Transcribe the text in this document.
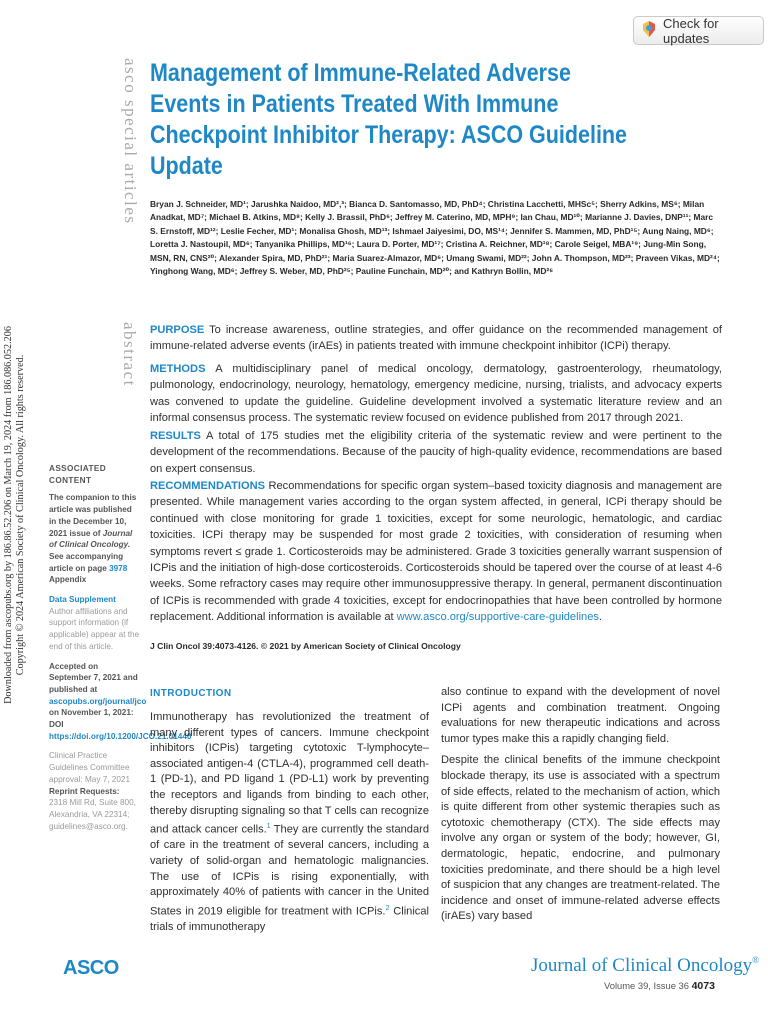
Check for updates
Downloaded from ascopubs.org by 186.86.52.206 on March 19, 2024 from 186.086.052.206 Copyright © 2024 American Society of Clinical Oncology. All rights reserved.
asco special articles
abstract
Management of Immune-Related Adverse Events in Patients Treated With Immune Checkpoint Inhibitor Therapy: ASCO Guideline Update
Bryan J. Schneider, MD¹; Jarushka Naidoo, MD²,³; Bianca D. Santomasso, MD, PhD⁴; Christina Lacchetti, MHSc⁵; Sherry Adkins, MS⁶; Milan Anadkat, MD⁷; Michael B. Atkins, MD⁸; Kelly J. Brassil, PhD⁶; Jeffrey M. Caterino, MD, MPH⁹; Ian Chau, MD¹⁰; Marianne J. Davies, DNP¹¹; Marc S. Ernstoff, MD¹²; Leslie Fecher, MD¹; Monalisa Ghosh, MD¹³; Ishmael Jaiyesimi, DO, MS¹⁴; Jennifer S. Mammen, MD, PhD¹⁵; Aung Naing, MD⁶; Loretta J. Nastoupil, MD⁶; Tanyanika Phillips, MD¹⁶; Laura D. Porter, MD¹⁷; Cristina A. Reichner, MD¹⁸; Carole Seigel, MBA¹⁹; Jung-Min Song, MSN, RN, CNS²⁰; Alexander Spira, MD, PhD²¹; Maria Suarez-Almazor, MD⁶; Umang Swami, MD²²; John A. Thompson, MD²³; Praveen Vikas, MD²⁴; Yinghong Wang, MD⁶; Jeffrey S. Weber, MD, PhD²⁵; Pauline Funchain, MD²⁰; and Kathryn Bollin, MD²⁶
PURPOSE To increase awareness, outline strategies, and offer guidance on the recommended management of immune-related adverse events (irAEs) in patients treated with immune checkpoint inhibitor (ICPi) therapy.
METHODS A multidisciplinary panel of medical oncology, dermatology, gastroenterology, rheumatology, pulmonology, endocrinology, neurology, hematology, emergency medicine, nursing, trialists, and advocacy experts was convened to update the guideline. Guideline development involved a systematic literature review and an informal consensus process. The systematic review focused on evidence published from 2017 through 2021.
RESULTS A total of 175 studies met the eligibility criteria of the systematic review and were pertinent to the development of the recommendations. Because of the paucity of high-quality evidence, recommendations are based on expert consensus.
RECOMMENDATIONS Recommendations for specific organ system–based toxicity diagnosis and management are presented. While management varies according to the organ system affected, in general, ICPi therapy should be continued with close monitoring for grade 1 toxicities, except for some neurologic, hematologic, and cardiac toxicities. ICPi therapy may be suspended for most grade 2 toxicities, with consideration of resuming when symptoms revert ≤ grade 1. Corticosteroids may be administered. Grade 3 toxicities generally warrant suspension of ICPis and the initiation of high-dose corticosteroids. Corticosteroids should be tapered over the course of at least 4-6 weeks. Some refractory cases may require other immunosuppressive therapy. In general, permanent discontinuation of ICPis is recommended with grade 4 toxicities, except for endocrinopathies that have been controlled by hormone replacement. Additional information is available at www.asco.org/supportive-care-guidelines.
J Clin Oncol 39:4073-4126. © 2021 by American Society of Clinical Oncology

ASSOCIATED CONTENT

The companion to this article was published in the December 10, 2021 issue of Journal of Clinical Oncology. See accompanying article on page 3978

Appendix

Data Supplement

Author affiliations and support information (if applicable) appear at the end of this article.

Accepted on September 7, 2021 and published at ascopubs.org/journal/jco on November 1, 2021: DOI https://doi.org/10.1200/JCO.21.01440

Clinical Practice Guidelines Committee approval: May 7, 2021

Reprint Requests:

2318 Mill Rd, Suite 800, Alexandria, VA 22314; guidelines@asco.org.

INTRODUCTION

Immunotherapy has revolutionized the treatment of many different types of cancers. Immune checkpoint inhibitors (ICPis) targeting cytotoxic T-lymphocyte–associated antigen-4 (CTLA-4), programmed cell death-1 (PD-1), and PD ligand 1 (PD-L1) work by preventing the receptors and ligands from binding to each other, thereby disrupting signaling so that T cells can recognize and attack cancer cells.$^1$ They are currently the standard of care in the treatment of several cancers, including a variety of solid-organ and hematologic malignancies. The use of ICPis is rising exponentially, with approximately 40% of patients with cancer in the United States in 2019 eligible for treatment with ICPis.$^2$ Clinical trials of immunotherapy

also continue to expand with the development of novel ICPi agents and combination treatment. Ongoing evaluations for new therapeutic indications and across tumor types make this a rapidly changing field.

Despite the clinical benefits of the immune checkpoint blockade therapy, its use is associated with a spectrum of side effects, related to the mechanism of action, which is quite different from other systemic therapies such as cytotoxic chemotherapy (CTX). The side effects may involve any organ or system of the body; however, GI, dermatologic, hepatic, endocrine, and pulmonary toxicities predominate, and there should be a high level of suspicion that any changes are treatment-related. The incidence and onset of immune-related adverse effects (irAEs) vary based

ASCO	Journal of Clinical Oncology®
Volume 39, Issue 36 4073
